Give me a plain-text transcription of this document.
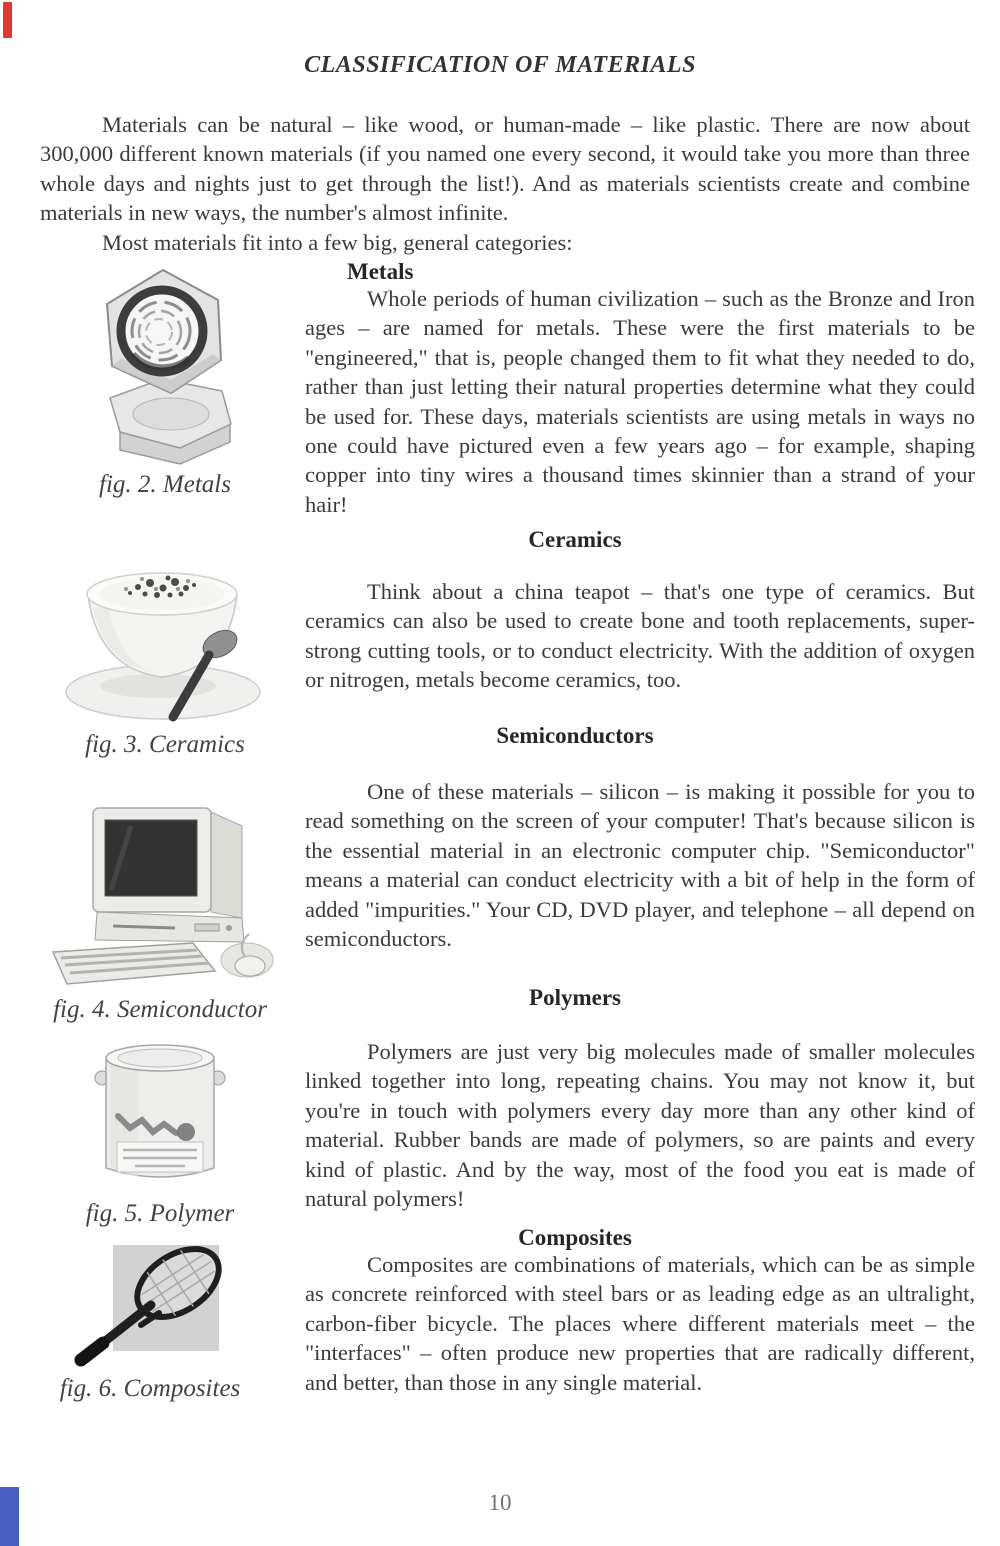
CLASSIFICATION OF MATERIALS

Materials can be natural – like wood, or human-made – like plastic. There are now about 300,000 different known materials (if you named one every second, it would take you more than three whole days and nights just to get through the list!). And as materials scientists create and combine materials in new ways, the number's almost infinite.

Most materials fit into a few big, general categories:

Metals

Whole periods of human civilization – such as the Bronze and Iron ages – are named for metals. These were the first materials to be "engineered," that is, people changed them to fit what they needed to do, rather than just letting their natural properties determine what they could be used for. These days, materials scientists are using metals in ways no one could have pictured even a few years ago – for example, shaping copper into tiny wires a thousand times skinnier than a strand of your hair!

fig. 2. Metals
Ceramics

Think about a china teapot – that's one type of ceramics. But ceramics can also be used to create bone and tooth replacements, super-strong cutting tools, or to conduct electricity. With the addition of oxygen or nitrogen, metals become ceramics, too.

fig. 3. Ceramics	Semiconductors

One of these materials – silicon – is making it possible for you to read something on the screen of your computer! That's because silicon is the essential material in an electronic computer chip. "Semiconductor" means a material can conduct electricity with a bit of help in the form of added "impurities." Your CD, DVD player, and telephone – all depend on semiconductors.

fig. 4. Semiconductor	Polymers

Polymers are just very big molecules made of smaller molecules linked together into long, repeating chains. You may not know it, but you're in touch with polymers every day more than any other kind of material. Rubber bands are made of polymers, so are paints and every kind of plastic. And by the way, most of the food you eat is made of natural polymers!

fig. 5. Polymer
Composites

Composites are combinations of materials, which can be as simple as concrete reinforced with steel bars or as leading edge as an ultralight, carbon-fiber bicycle. The places where different materials meet – the "interfaces" – often produce new properties that are radically different, and better, than those in any single material.

fig. 6. Composites
10
